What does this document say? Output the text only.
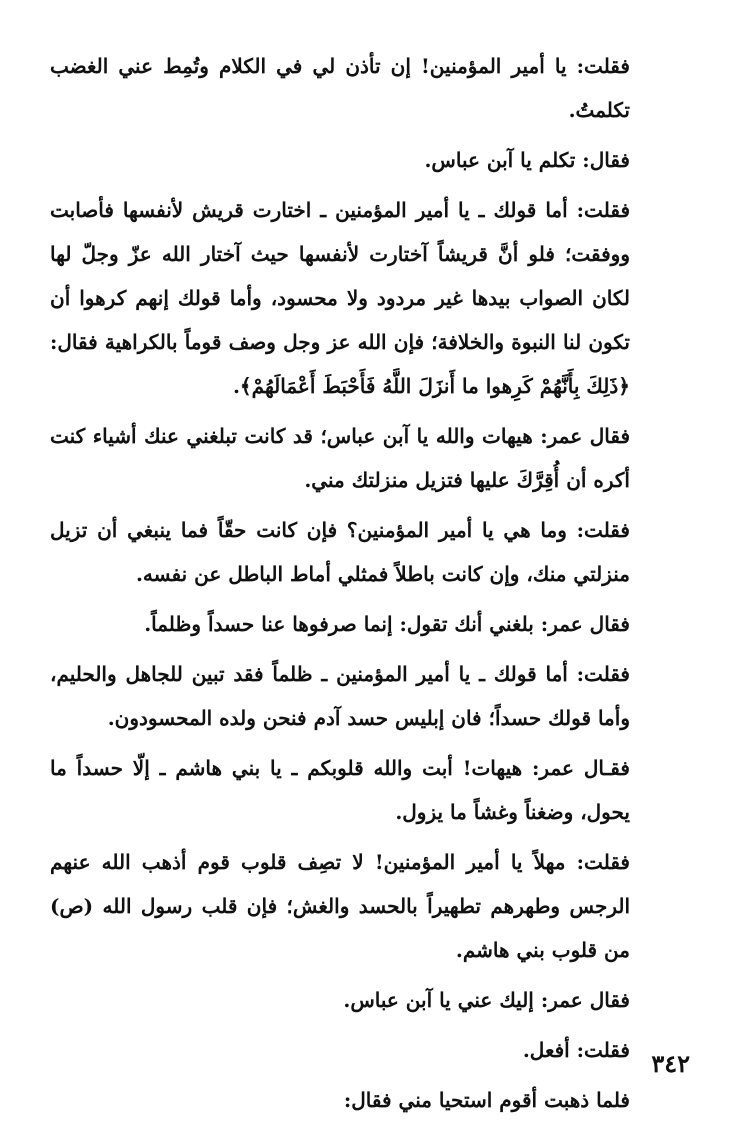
فقلت: يا أمير المؤمنين! إن تأذن لي في الكلام وتُمِط عني الغضب تكلمتُ.

فقال: تكلم يا آبن عباس.

فقلت: أما قولك ـ يا أمير المؤمنين ـ اختارت قريش لأنفسها فأصابت ووفقت؛ فلو أنَّ قريشاً آختارت لأنفسها حيث آختار الله عزّ وجلّ لها لكان الصواب بيدها غير مردود ولا محسود، وأما قولك إنهم كرهوا أن تكون لنا النبوة والخلافة؛ فإن الله عز وجل وصف قوماً بالكراهية فقال: ﴿ذَلِكَ بِأَنَّهُمْ كَرِهوا ما أَنزَلَ اللَّهُ فَأَحْبَطَ أَعْمَالَهُمْ﴾.

فقال عمر: هيهات والله يا آبن عباس؛ قد كانت تبلغني عنك أشياء كنت أكره أن أُقِرَّكَ عليها فتزيل منزلتك مني.

فقلت: وما هي يا أمير المؤمنين؟ فإن كانت حقّاً فما ينبغي أن تزيل منزلتي منك، وإن كانت باطلاً فمثلي أماط الباطل عن نفسه.

فقال عمر: بلغني أنك تقول: إنما صرفوها عنا حسداً وظلماً.

فقلت: أما قولك ـ يا أمير المؤمنين ـ ظلماً فقد تبين للجاهل والحليم، وأما قولك حسداً؛ فان إبليس حسد آدم فنحن ولده المحسودون.

فقـال عمر: هيهات! أبت والله قلوبكم ـ يا بني هاشم ـ إلّا حسداً ما يحول، وضغناً وغشاً ما يزول.

فقلت: مهلاً يا أمير المؤمنين! لا تصِف قلوب قوم أذهب الله عنهم الرجس وطهرهم تطهيراً بالحسد والغش؛ فإن قلب رسول الله (ص) من قلوب بني هاشم.

فقال عمر: إليك عني يا آبن عباس.

فقلت: أفعل.

فلما ذهبت أقوم استحيا مني فقال:

٣٤٢
